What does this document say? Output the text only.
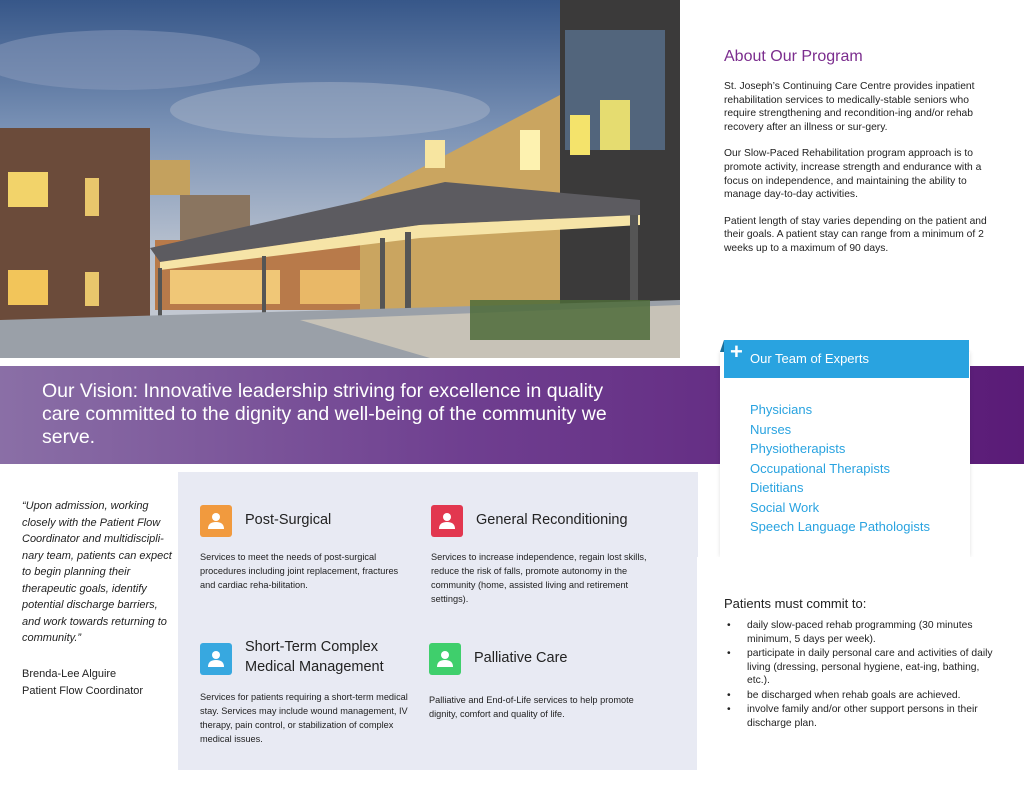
About Our Program

St. Joseph’s Continuing Care Centre provides inpatient rehabilitation services to medically-stable seniors who require strengthening and recondition-ing and/or rehab recovery after an illness or sur-gery.

Our Slow-Paced Rehabilitation program approach is to promote activity, increase strength and endurance with a focus on independence, and maintaining the ability to manage day-to-day activities.

Patient length of stay varies depending on the patient and their goals. A patient stay can range from a minimum of 2 weeks up to a maximum of 90 days.

Our Vision: Innovative leadership striving for excellence in quality care committed to the dignity and well-being of the community we serve.
+ Our Team of Experts
Physicians
Nurses
Physiotherapists
Occupational Therapists
Dietitians
Social Work
Speech Language Pathologists
“Upon admission, working closely with the Patient Flow Coordinator and multidiscipli-nary team, patients can expect to begin planning their therapeutic goals, identify potential discharge barriers, and work towards returning to community.”
Brenda-Lee Alguire
Patient Flow Coordinator
Post-Surgical
Services to meet the needs of post-surgical procedures including joint replacement, fractures and cardiac reha-bilitation.
General Reconditioning
Services to increase independence, regain lost skills, reduce the risk of falls, promote autonomy in the community (home, assisted living and retirement settings).
Short-Term Complex Medical Management
Services for patients requiring a short-term medical stay. Services may include wound management, IV therapy, pain control, or stabilization of complex medical issues.
Palliative Care
Palliative and End-of-Life services to help promote dignity, comfort and quality of life.
Patients must commit to:
• daily slow-paced rehab programming (30 minutes minimum, 5 days per week).
• participate in daily personal care and activities of daily living (dressing, personal hygiene, eat-ing, bathing, etc.).
• be discharged when rehab goals are achieved.
• involve family and/or other support persons in their discharge plan.
